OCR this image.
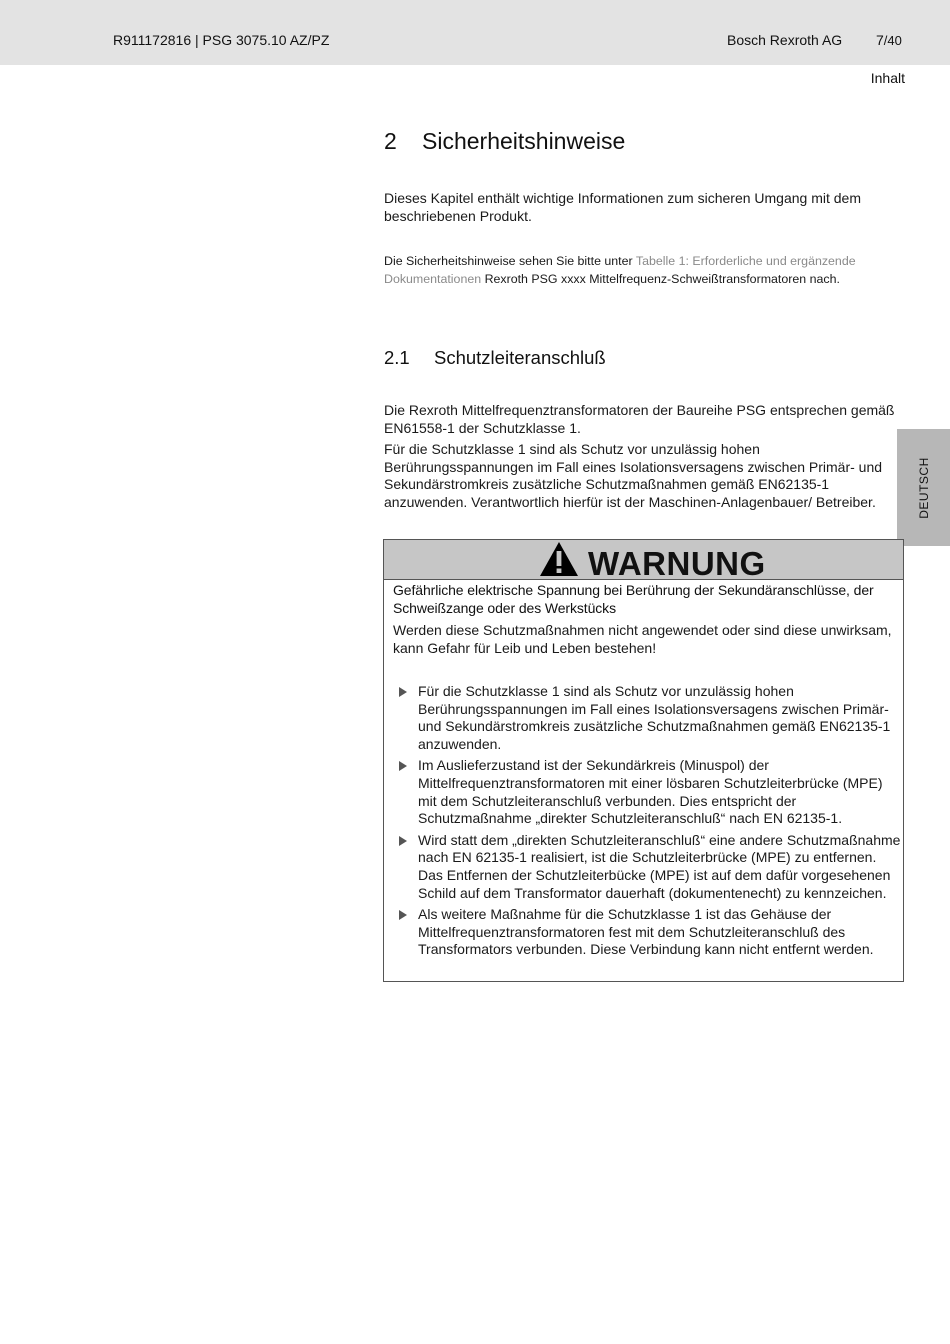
R911172816 | PSG 3075.10 AZ/PZ	Bosch Rexroth AG 7/40
Inhalt
DEUTSCH
2 Sicherheitshinweise
Dieses Kapitel enthält wichtige Informationen zum sicheren Umgang mit dem beschriebenen Produkt.
Die Sicherheitshinweise sehen Sie bitte unter Tabelle 1: Erforderliche und ergänzende Dokumentationen Rexroth PSG xxxx Mittelfrequenz-Schweißtransformatoren nach.
2.1 Schutzleiteranschluß

Die Rexroth Mittelfrequenztransformatoren der Baureihe PSG entsprechen gemäß EN61558-1 der Schutzklasse 1.

Für die Schutzklasse 1 sind als Schutz vor unzulässig hohen Berührungsspannungen im Fall eines Isolationsversagens zwischen Primär- und Sekundärstromkreis zusätzliche Schutzmaßnahmen gemäß EN62135-1 anzuwenden. Verantwortlich hierfür ist der Maschinen-Anlagenbauer/ Betreiber.

WARNUNG
Gefährliche elektrische Spannung bei Berührung der Sekundäranschlüsse, der Schweißzange oder des Werkstücks
Werden diese Schutzmaßnahmen nicht angewendet oder sind diese unwirksam, kann Gefahr für Leib und Leben bestehen!
Für die Schutzklasse 1 sind als Schutz vor unzulässig hohen Berührungsspannungen im Fall eines Isolationsversagens zwischen Primär- und Sekundärstromkreis zusätzliche Schutzmaßnahmen gemäß EN62135-1 anzuwenden.
Im Auslieferzustand ist der Sekundärkreis (Minuspol) der Mittelfrequenztransformatoren mit einer lösbaren Schutzleiterbrücke (MPE) mit dem Schutzleiteranschluß verbunden. Dies entspricht der Schutzmaßnahme „direkter Schutzleiteranschluß“ nach EN 62135-1.
Wird statt dem „direkten Schutzleiteranschluß“ eine andere Schutzmaßnahme nach EN 62135-1 realisiert, ist die Schutzleiterbrücke (MPE) zu entfernen. Das Entfernen der Schutzleiterbücke (MPE) ist auf dem dafür vorgesehenen Schild auf dem Transformator dauerhaft (dokumentenecht) zu kennzeichen.
Als weitere Maßnahme für die Schutzklasse 1 ist das Gehäuse der Mittelfrequenztransformatoren fest mit dem Schutzleiteranschluß des Transformators verbunden. Diese Verbindung kann nicht entfernt werden.
